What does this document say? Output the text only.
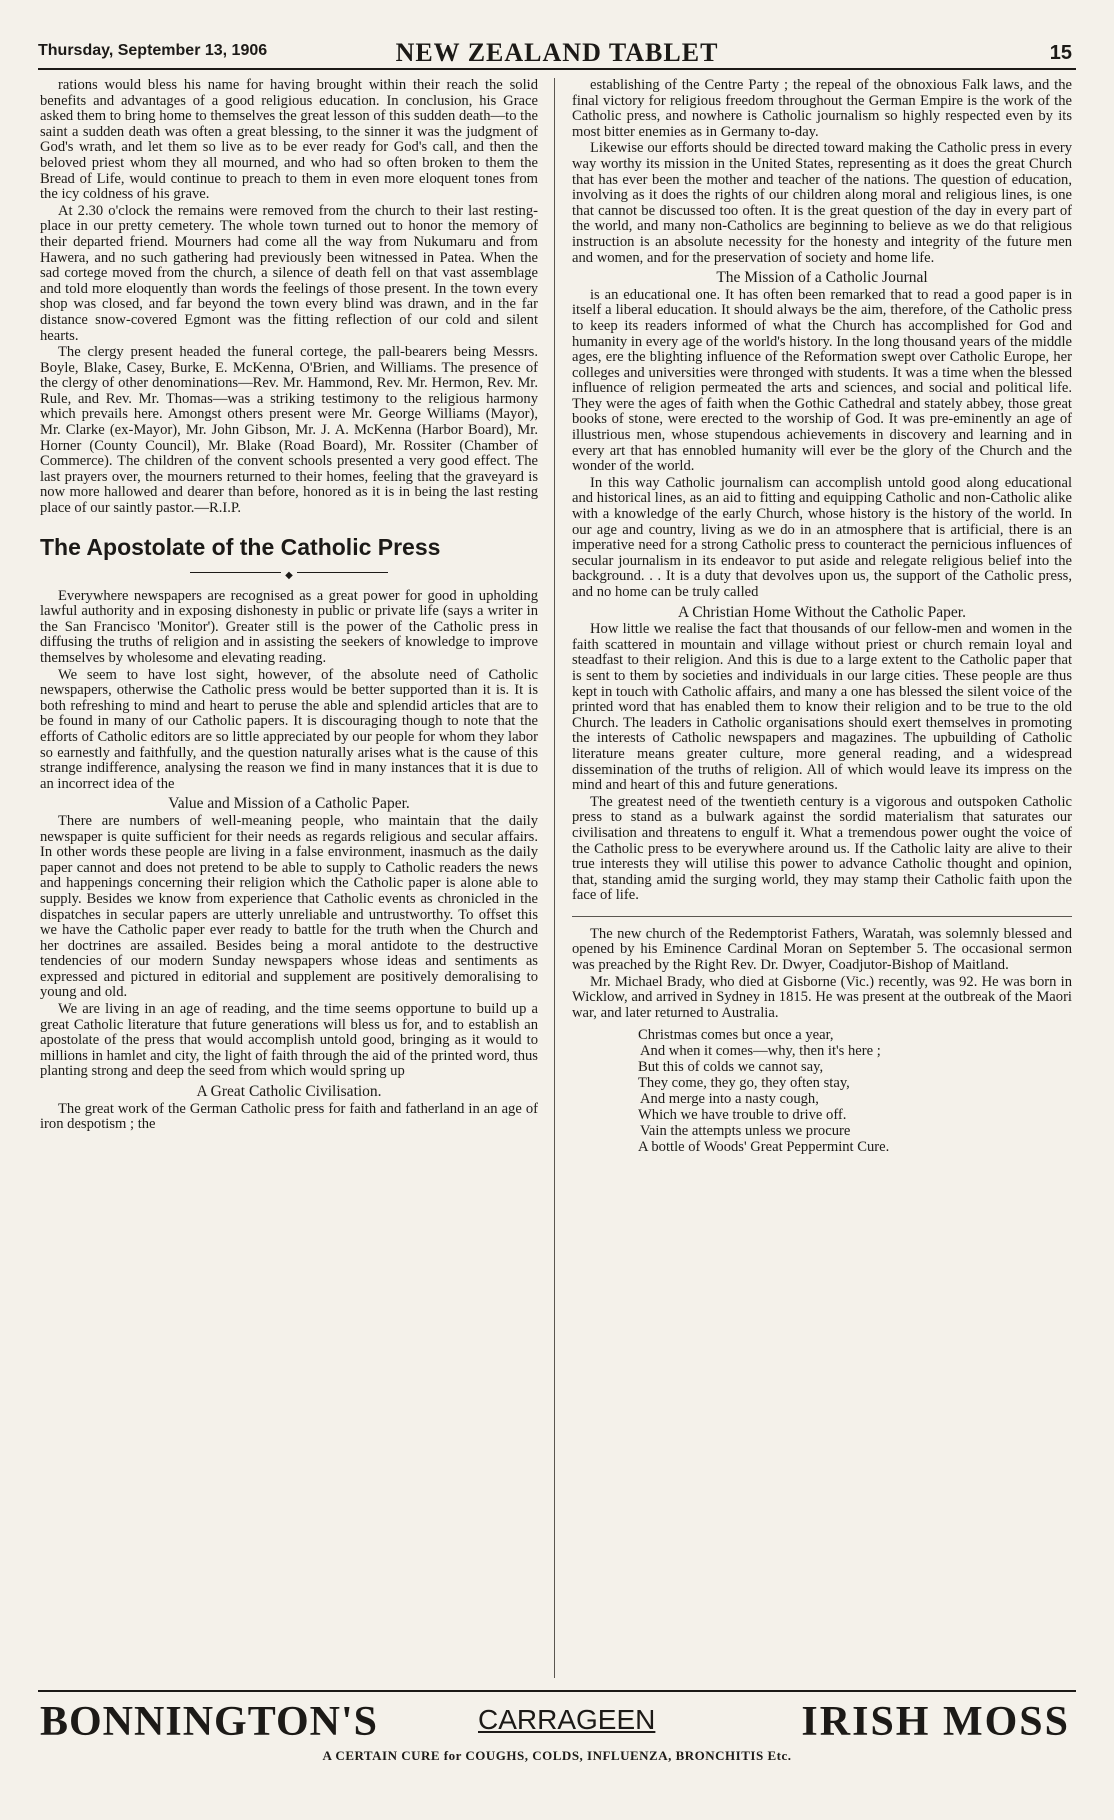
Thursday, September 13, 1906	NEW ZEALAND TABLET	15

rations would bless his name for having brought within their reach the solid benefits and advantages of a good religious education. In conclusion, his Grace asked them to bring home to themselves the great lesson of this sudden death—to the saint a sudden death was often a great blessing, to the sinner it was the judgment of God's wrath, and let them so live as to be ever ready for God's call, and then the beloved priest whom they all mourned, and who had so often broken to them the Bread of Life, would continue to preach to them in even more eloquent tones from the icy coldness of his grave.

At 2.30 o'clock the remains were removed from the church to their last resting-place in our pretty cemetery. The whole town turned out to honor the memory of their departed friend. Mourners had come all the way from Nukumaru and from Hawera, and no such gathering had previously been witnessed in Patea. When the sad cortege moved from the church, a silence of death fell on that vast assemblage and told more eloquently than words the feelings of those present. In the town every shop was closed, and far beyond the town every blind was drawn, and in the far distance snow-covered Egmont was the fitting reflection of our cold and silent hearts.

The clergy present headed the funeral cortege, the pall-bearers being Messrs. Boyle, Blake, Casey, Burke, E. McKenna, O'Brien, and Williams. The presence of the clergy of other denominations—Rev. Mr. Hammond, Rev. Mr. Hermon, Rev. Mr. Rule, and Rev. Mr. Thomas—was a striking testimony to the religious harmony which prevails here. Amongst others present were Mr. George Williams (Mayor), Mr. Clarke (ex-Mayor), Mr. John Gibson, Mr. J. A. McKenna (Harbor Board), Mr. Horner (County Council), Mr. Blake (Road Board), Mr. Rossiter (Chamber of Commerce). The children of the convent schools presented a very good effect. The last prayers over, the mourners returned to their homes, feeling that the graveyard is now more hallowed and dearer than before, honored as it is in being the last resting place of our saintly pastor.—R.I.P.

The Apostolate of the Catholic Press
◆

Everywhere newspapers are recognised as a great power for good in upholding lawful authority and in exposing dishonesty in public or private life (says a writer in the San Francisco 'Monitor'). Greater still is the power of the Catholic press in diffusing the truths of religion and in assisting the seekers of knowledge to improve themselves by wholesome and elevating reading.

We seem to have lost sight, however, of the absolute need of Catholic newspapers, otherwise the Catholic press would be better supported than it is. It is both refreshing to mind and heart to peruse the able and splendid articles that are to be found in many of our Catholic papers. It is discouraging though to note that the efforts of Catholic editors are so little appreciated by our people for whom they labor so earnestly and faithfully, and the question naturally arises what is the cause of this strange indifference, analysing the reason we find in many instances that it is due to an incorrect idea of the

Value and Mission of a Catholic Paper.

There are numbers of well-meaning people, who maintain that the daily newspaper is quite sufficient for their needs as regards religious and secular affairs. In other words these people are living in a false environment, inasmuch as the daily paper cannot and does not pretend to be able to supply to Catholic readers the news and happenings concerning their religion which the Catholic paper is alone able to supply. Besides we know from experience that Catholic events as chronicled in the dispatches in secular papers are utterly unreliable and untrustworthy. To offset this we have the Catholic paper ever ready to battle for the truth when the Church and her doctrines are assailed. Besides being a moral antidote to the destructive tendencies of our modern Sunday newspapers whose ideas and sentiments as expressed and pictured in editorial and supplement are positively demoralising to young and old.

We are living in an age of reading, and the time seems opportune to build up a great Catholic literature that future generations will bless us for, and to establish an apostolate of the press that would accomplish untold good, bringing as it would to millions in hamlet and city, the light of faith through the aid of the printed word, thus planting strong and deep the seed from which would spring up

A Great Catholic Civilisation.

The great work of the German Catholic press for faith and fatherland in an age of iron despotism ; the

establishing of the Centre Party ; the repeal of the obnoxious Falk laws, and the final victory for religious freedom throughout the German Empire is the work of the Catholic press, and nowhere is Catholic journalism so highly respected even by its most bitter enemies as in Germany to-day.

Likewise our efforts should be directed toward making the Catholic press in every way worthy its mission in the United States, representing as it does the great Church that has ever been the mother and teacher of the nations. The question of education, involving as it does the rights of our children along moral and religious lines, is one that cannot be discussed too often. It is the great question of the day in every part of the world, and many non-Catholics are beginning to believe as we do that religious instruction is an absolute necessity for the honesty and integrity of the future men and women, and for the preservation of society and home life.

The Mission of a Catholic Journal

is an educational one. It has often been remarked that to read a good paper is in itself a liberal education. It should always be the aim, therefore, of the Catholic press to keep its readers informed of what the Church has accomplished for God and humanity in every age of the world's history. In the long thousand years of the middle ages, ere the blighting influence of the Reformation swept over Catholic Europe, her colleges and universities were thronged with students. It was a time when the blessed influence of religion permeated the arts and sciences, and social and political life. They were the ages of faith when the Gothic Cathedral and stately abbey, those great books of stone, were erected to the worship of God. It was pre-eminently an age of illustrious men, whose stupendous achievements in discovery and learning and in every art that has ennobled humanity will ever be the glory of the Church and the wonder of the world.

In this way Catholic journalism can accomplish untold good along educational and historical lines, as an aid to fitting and equipping Catholic and non-Catholic alike with a knowledge of the early Church, whose history is the history of the world. In our age and country, living as we do in an atmosphere that is artificial, there is an imperative need for a strong Catholic press to counteract the pernicious influences of secular journalism in its endeavor to put aside and relegate religious belief into the background. . . It is a duty that devolves upon us, the support of the Catholic press, and no home can be truly called

A Christian Home Without the Catholic Paper.

How little we realise the fact that thousands of our fellow-men and women in the faith scattered in mountain and village without priest or church remain loyal and steadfast to their religion. And this is due to a large extent to the Catholic paper that is sent to them by societies and individuals in our large cities. These people are thus kept in touch with Catholic affairs, and many a one has blessed the silent voice of the printed word that has enabled them to know their religion and to be true to the old Church. The leaders in Catholic organisations should exert themselves in promoting the interests of Catholic newspapers and magazines. The upbuilding of Catholic literature means greater culture, more general reading, and a widespread dissemination of the truths of religion. All of which would leave its impress on the mind and heart of this and future generations.

The greatest need of the twentieth century is a vigorous and outspoken Catholic press to stand as a bulwark against the sordid materialism that saturates our civilisation and threatens to engulf it. What a tremendous power ought the voice of the Catholic press to be everywhere around us. If the Catholic laity are alive to their true interests they will utilise this power to advance Catholic thought and opinion, that, standing amid the surging world, they may stamp their Catholic faith upon the face of life.

The new church of the Redemptorist Fathers, Waratah, was solemnly blessed and opened by his Eminence Cardinal Moran on September 5. The occasional sermon was preached by the Right Rev. Dr. Dwyer, Coadjutor-Bishop of Maitland.

Mr. Michael Brady, who died at Gisborne (Vic.) recently, was 92. He was born in Wicklow, and arrived in Sydney in 1815. He was present at the outbreak of the Maori war, and later returned to Australia.

Christmas comes but once a year,
And when it comes—why, then it's here ;
But this of colds we cannot say,
They come, they go, they often stay,
And merge into a nasty cough,
Which we have trouble to drive off.
Vain the attempts unless we procure
A bottle of Woods' Great Peppermint Cure.
BONNINGTON'S	CARRAGEEN	IRISH MOSS
A CERTAIN CURE for COUGHS, COLDS, INFLUENZA, BRONCHITIS Etc.
